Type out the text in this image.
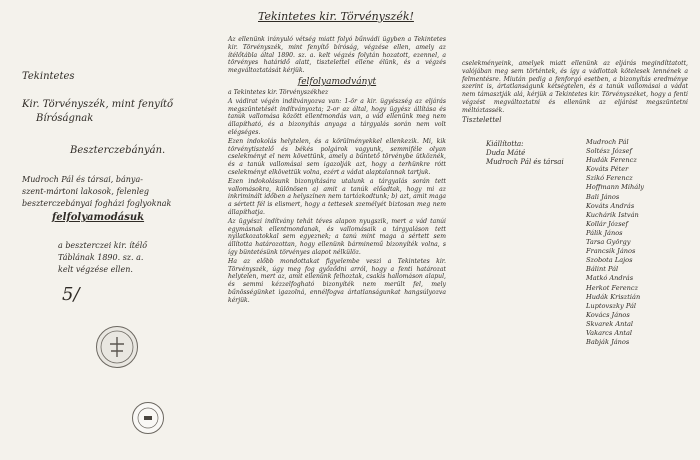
Tekintetes kir. Törvényszék!
Tekintetes
Kir. Törvényszék, mint fenyítő
Bíróságnak
Beszterczebányán.
Mudroch Pál és társai, bánya-
szent-mártoni lakosok, felenleg
beszterczebányai fogházi foglyoknak
felfolyamodásuk
a beszterczei kir. ítélő
Táblának 1890. sz. a.
kelt végzése ellen.
5/

Az ellenünk irányuló vétség miatt folyó bűnvádi ügyben a Tekintetes kir. Törvényszék, mint fenyítő bíróság, végzése ellen, amely az ítélőtábla által 1890. sz. a. kelt végzés folytán hozatott, ezennel, a törvényes határidő alatt, tisztelettel ellene élünk, és a végzés megváltoztatását kérjük.

felfolyamodványt

a Tekintetes kir. Törvényszékhez

A vádirat végén indítványozva van: 1-ör a kir. ügyészség az eljárás megszüntetését indítványozta; 2-or az által, hogy ügyész állítása és tanúk vallomása között ellentmondás van, a vád ellenünk meg nem állapítható, és a bizonyítás anyaga a tárgyalás során nem volt elégséges.

Ezen indokolás helytelen, és a körülményekkel ellenkezik. Mi, kik törvénytisztelő és békés polgárok vagyunk, semmiféle olyan cselekményt el nem követtünk, amely a büntető törvénybe ütköznék, és a tanúk vallomásai sem igazolják azt, hogy a terhünkre rótt cselekményt elkövettük volna, ezért a vádat alaptalannak tartjuk.

Ezen indokolásunk bizonyítására utalunk a tárgyalás során tett vallomásokra, különösen a) amit a tanúk előadtak, hogy mi az inkriminált időben a helyszínen nem tartózkodtunk; b) azt, amit maga a sértett fél is elismert, hogy a tettesek személyét biztosan meg nem állapíthatja.

Az ügyészi indítvány tehát téves alapon nyugszik, mert a vád tanúi egymásnak ellentmondanak, és vallomásaik a tárgyaláson tett nyilatkozatokkal sem egyeznek; a tanú mint maga a sértett sem állította határozottan, hogy ellenünk bárminemű bizonyíték volna, s így büntetésünk törvényes alapot nélkülöz.

Ha az előbb mondottakat figyelembe veszi a Tekintetes kir. Törvényszék, úgy meg fog győződni arról, hogy a fenti határozat helytelen, mert az, amit ellenünk felhoztak, csakis hallomáson alapul, és semmi kézzelfogható bizonyíték nem merült fel, mely bűnösségünket igazolná, ennélfogva ártatlanságunkat hangsúlyozva kérjük.

cselekményeink, amelyek miatt ellenünk az eljárás megindíttatott, valójában meg sem történtek, és így a vádlottak kötelesek lennének a felmentésre. Miután pedig a fenforgó esetben, a bizonyítás eredménye szerint is, ártatlanságunk kétségtelen, és a tanúk vallomásai a vádat nem támasztják alá, kérjük a Tekintetes kir. Törvényszéket, hogy a fenti végzést megváltoztatni és ellenünk az eljárást megszüntetni méltóztassék.

Tisztelettel

Kiállította:
Duda Máté
Mudroch Pál és társai
Mudroch Pál
Soltész József
Hudák Ferencz
Kováts Péter
Szikó Ferencz
Hoffmann Mihály
Bali János
Kováts András
Kuchárik István
Kollár József
Pálik János
Tarsa György
Francsik János
Szobota Lajos
Bálint Pál
Matkó András
Herkot Ferencz
Hudák Krisztián
Luptovszky Pál
Kovács János
Skvarek Antal
Vakarcs Antal
Babják János
